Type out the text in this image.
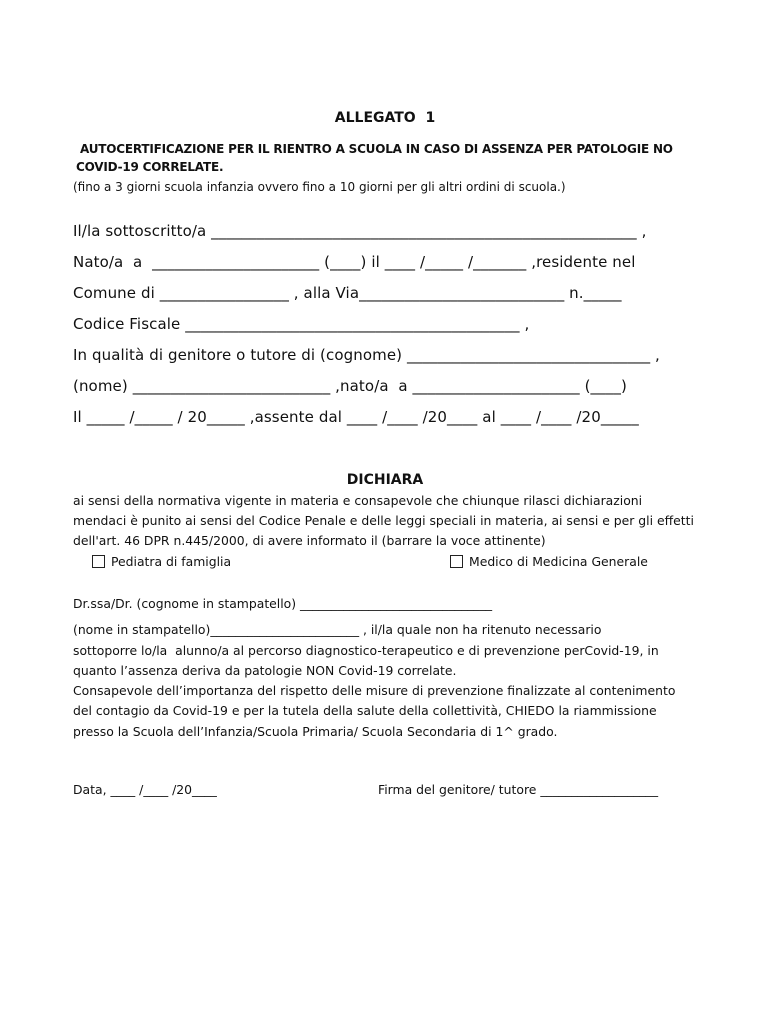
ALLEGATO  1
AUTOCERTIFICAZIONE PER IL RIENTRO A SCUOLA IN CASO DI ASSENZA PER PATOLOGIE NO
COVID-19 CORRELATE.
(fino a 3 giorni scuola infanzia ovvero fino a 10 giorni per gli altri ordini di scuola.)
Il/la sottoscritto/a ________________________________________________________ ,
Nato/a  a  ______________________ (____) il ____ /_____ /_______ ,residente nel
Comune di _________________ , alla Via___________________________ n._____
Codice Fiscale ____________________________________________ ,
In qualità di genitore o tutore di (cognome) ________________________________ ,
(nome) __________________________ ,nato/a  a ______________________ (____)
Il _____ /_____ / 20_____ ,assente dal ____ /____ /20____ al ____ /____ /20_____
DICHIARA
ai sensi della normativa vigente in materia e consapevole che chiunque rilasci dichiarazioni
mendaci è punito ai sensi del Codice Penale e delle leggi speciali in materia, ai sensi e per gli effetti
dell'art. 46 DPR n.445/2000, di avere informato il (barrare la voce attinente)
Pediatra di famiglia	Medico di Medicina Generale
Dr.ssa/Dr. (cognome in stampatello) _______________________________
(nome in stampatello)________________________ , il/la quale non ha ritenuto necessario
sottoporre lo/la  alunno/a al percorso diagnostico-terapeutico e di prevenzione perCovid-19, in
quanto l’assenza deriva da patologie NON Covid-19 correlate.
Consapevole dell’importanza del rispetto delle misure di prevenzione finalizzate al contenimento
del contagio da Covid-19 e per la tutela della salute della collettività, CHIEDO la riammissione
presso la Scuola dell’Infanzia/Scuola Primaria/ Scuola Secondaria di 1^ grado.
Data, ____ /____ /20____	Firma del genitore/ tutore ___________________
